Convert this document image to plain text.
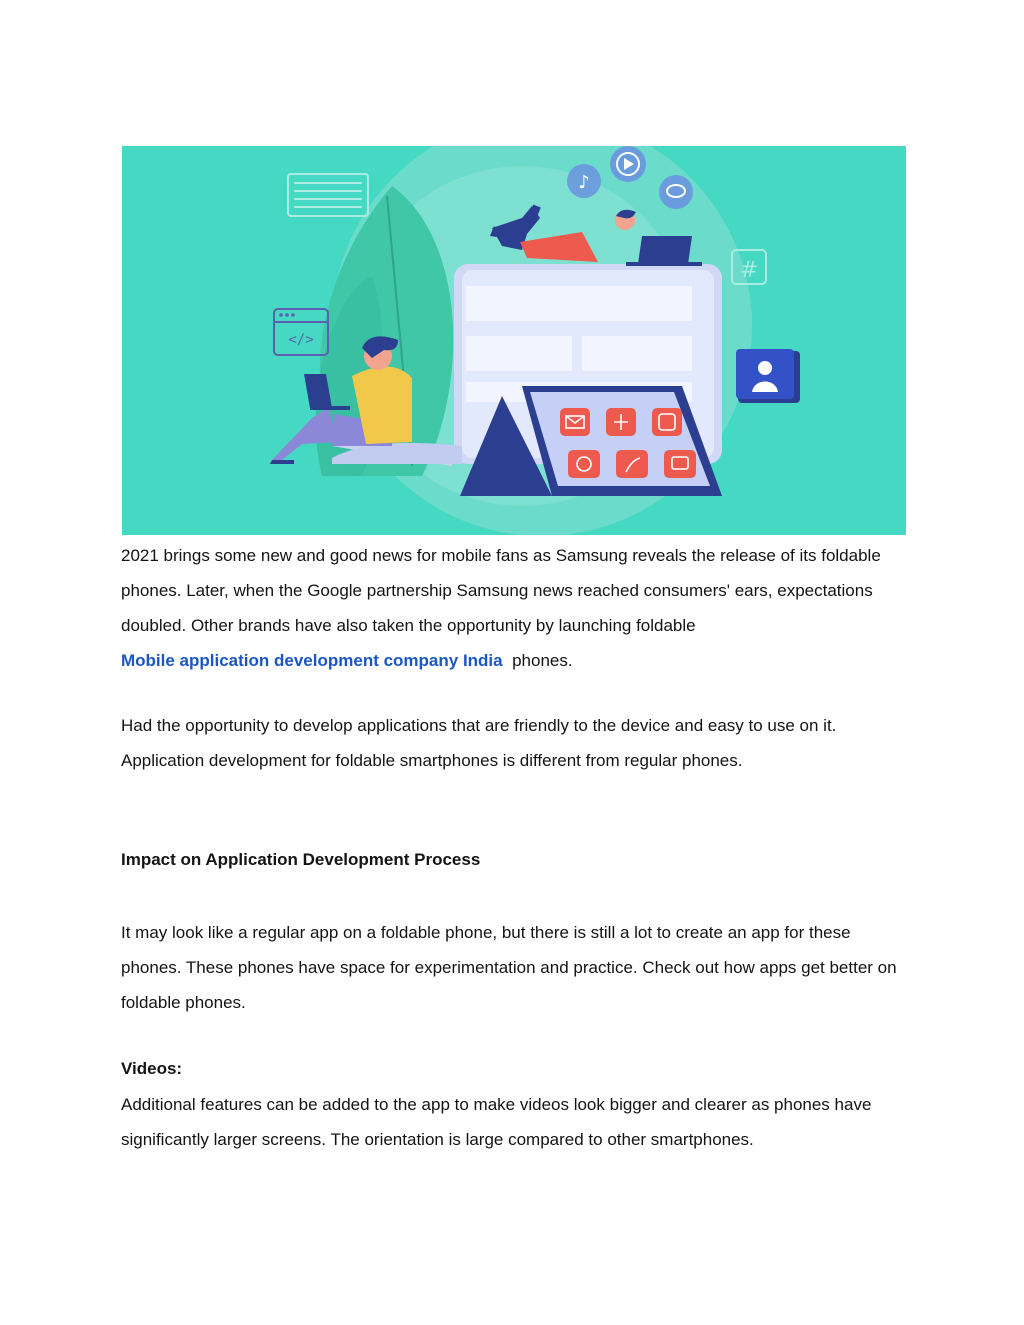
</>
♪
#

2021 brings some new and good news for mobile fans as Samsung reveals the release of its foldable phones. Later, when the Google partnership Samsung news reached consumers' ears, expectations doubled. Other brands have also taken the opportunity by launching foldable
Mobile application development company India phones.

Had the opportunity to develop applications that are friendly to the device and easy to use on it. Application development for foldable smartphones is different from regular phones.

Impact on Application Development Process

It may look like a regular app on a foldable phone, but there is still a lot to create an app for these phones. These phones have space for experimentation and practice. Check out how apps get better on foldable phones.

Videos:

Additional features can be added to the app to make videos look bigger and clearer as phones have significantly larger screens. The orientation is large compared to other smartphones.
